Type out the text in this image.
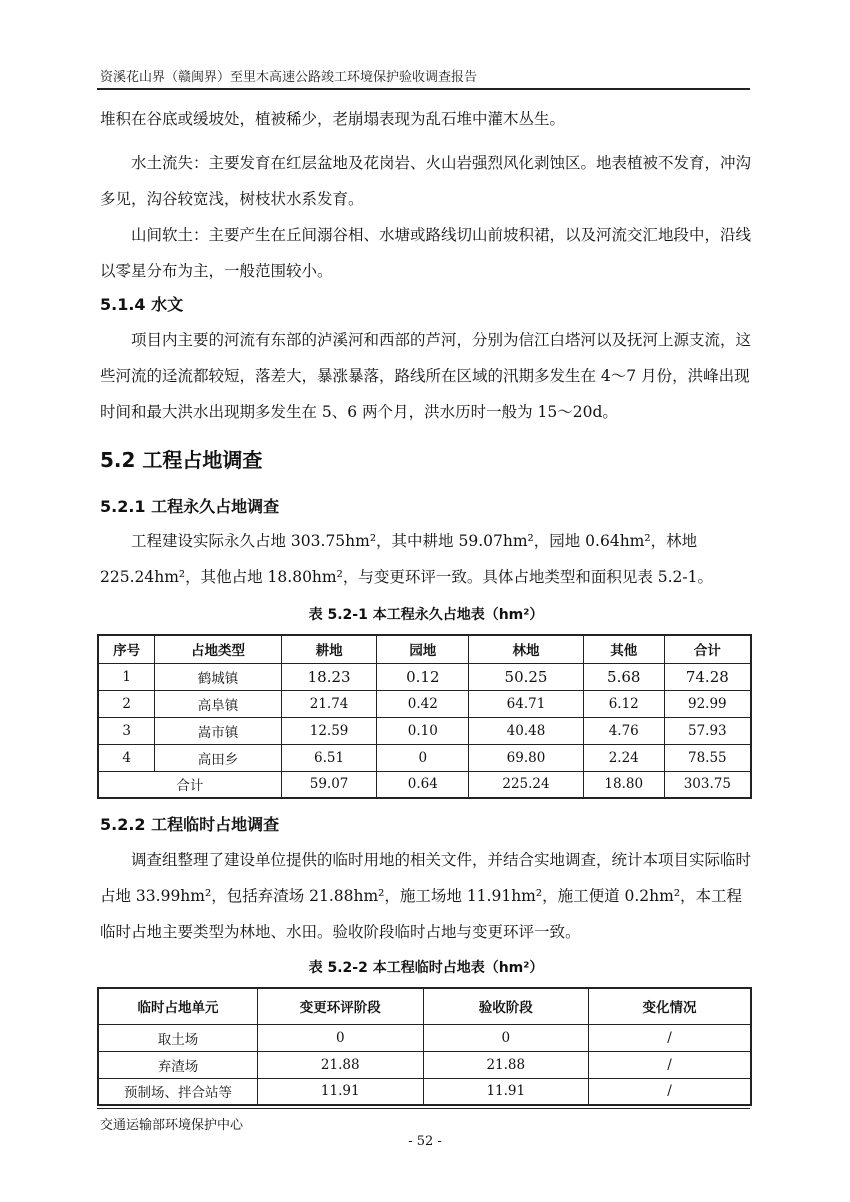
资溪花山界（赣闽界）至里木高速公路竣工环境保护验收调查报告
堆积在谷底或缓坡处，植被稀少，老崩塌表现为乱石堆中灌木丛生。
水土流失：主要发育在红层盆地及花岗岩、火山岩强烈风化剥蚀区。地表植被不发育，冲沟多见，沟谷较宽浅，树枝状水系发育。
山间软土：主要产生在丘间溺谷相、水塘或路线切山前坡积裙，以及河流交汇地段中，沿线以零星分布为主，一般范围较小。
5.1.4 水文
项目内主要的河流有东部的泸溪河和西部的芦河，分别为信江白塔河以及抚河上源支流，这些河流的迳流都较短，落差大，暴涨暴落，路线所在区域的汛期多发生在 4～7 月份，洪峰出现时间和最大洪水出现期多发生在 5、6 两个月，洪水历时一般为 15～20d。
5.2 工程占地调查
5.2.1 工程永久占地调查
工程建设实际永久占地 303.75hm²，其中耕地 59.07hm²，园地 0.64hm²，林地 225.24hm²，其他占地 18.80hm²，与变更环评一致。具体占地类型和面积见表 5.2-1。
表 5.2-1 本工程永久占地表（hm²）
序号	占地类型	耕地	园地	林地	其他	合计
1	鹤城镇	18.23	0.12	50.25	5.68	74.28
2	高阜镇	21.74	0.42	64.71	6.12	92.99
3	嵩市镇	12.59	0.10	40.48	4.76	57.93
4	高田乡	6.51	0	69.80	2.24	78.55
合计		59.07	0.64	225.24	18.80	303.75
5.2.2 工程临时占地调查
调查组整理了建设单位提供的临时用地的相关文件，并结合实地调查，统计本项目实际临时占地 33.99hm²，包括弃渣场 21.88hm²，施工场地 11.91hm²，施工便道 0.2hm²，本工程临时占地主要类型为林地、水田。验收阶段临时占地与变更环评一致。
表 5.2-2 本工程临时占地表（hm²）
临时占地单元	变更环评阶段	验收阶段	变化情况
取土场	0	0	/
弃渣场	21.88	21.88	/
预制场、拌合站等	11.91	11.91	/
交通运输部环境保护中心
- 52 -
